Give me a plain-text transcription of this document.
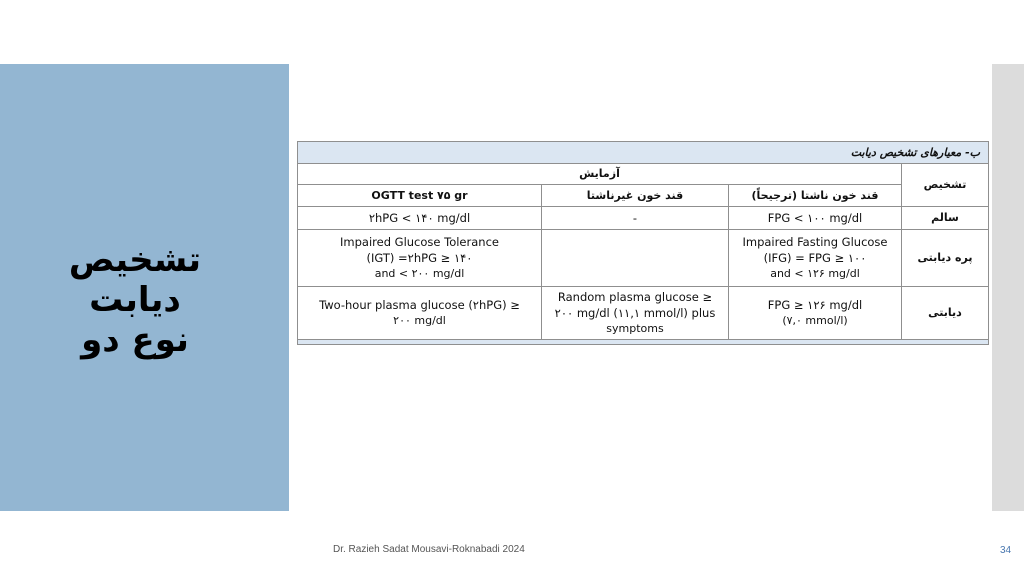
تشخیص دیابت
نوع دو
ب- معیارهای تشخیص دیابت			
تشخیص	آزمایش		
	قند خون ناشتا (ترجیحاً)	قند خون غیرناشتا	OGTT test ۷۵ gr

سالم	FPG < ۱۰۰ mg/dl	-	۲hPG < ۱۴۰ mg/dl

پره دیابتی	Impaired Fasting Glucose
(IFG) = FPG ≥ ۱۰۰
and < ۱۲۶ mg/dl		Impaired Glucose Tolerance
(IGT) =۲hPG ≥ ۱۴۰
and < ۲۰۰ mg/dl

دیابتی	FPG ≥ ۱۲۶ mg/dl
(۷,۰ mmol/l)	Random plasma glucose ≥
۲۰۰ mg/dl (۱۱,۱ mmol/l) plus
symptoms	Two-hour plasma glucose (۲hPG) ≥
۲۰۰ mg/dl

Dr. Razieh Sadat Mousavi-Roknabadi 2024	34
